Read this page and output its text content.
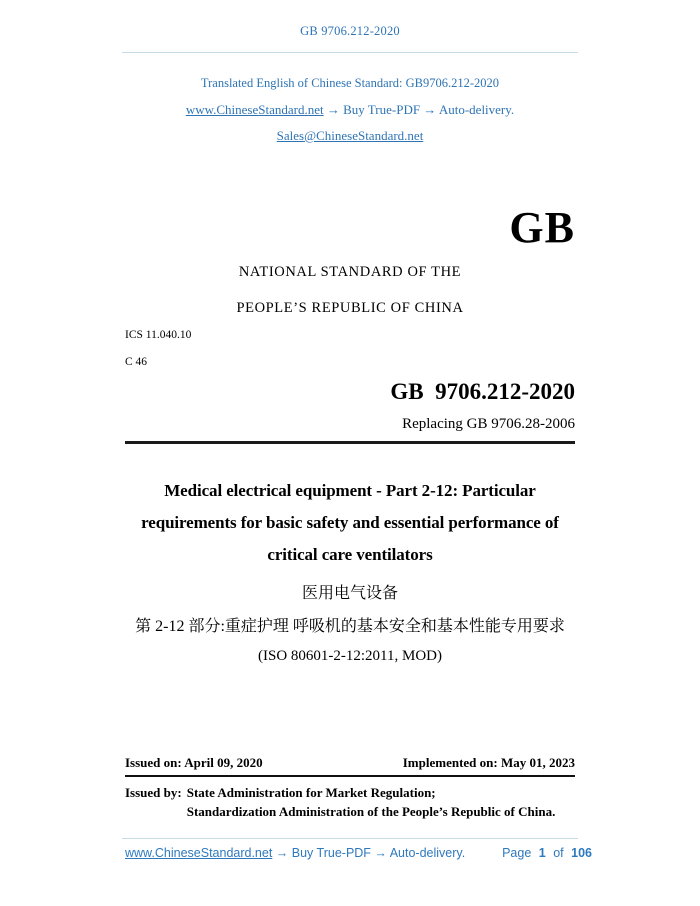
GB 9706.212-2020
Translated English of Chinese Standard: GB9706.212-2020
www.ChineseStandard.net → Buy True-PDF → Auto-delivery.
Sales@ChineseStandard.net
GB
NATIONAL STANDARD OF THE
PEOPLE’S REPUBLIC OF CHINA
ICS 11.040.10
C 46
GB  9706.212-2020
Replacing GB 9706.28-2006
Medical electrical equipment - Part 2-12: Particular
requirements for basic safety and essential performance of
critical care ventilators
医用电气设备
第 2-12 部分:重症护理 呼吸机的基本安全和基本性能专用要求
(ISO 80601-2-12:2011, MOD)
Issued on: April 09, 2020	Implemented on: May 01, 2023
Issued by: State Administration for Market Regulation;
Standardization Administration of the People’s Republic of China.
www.ChineseStandard.net → Buy True-PDF → Auto-delivery.	Page 1 of 106
